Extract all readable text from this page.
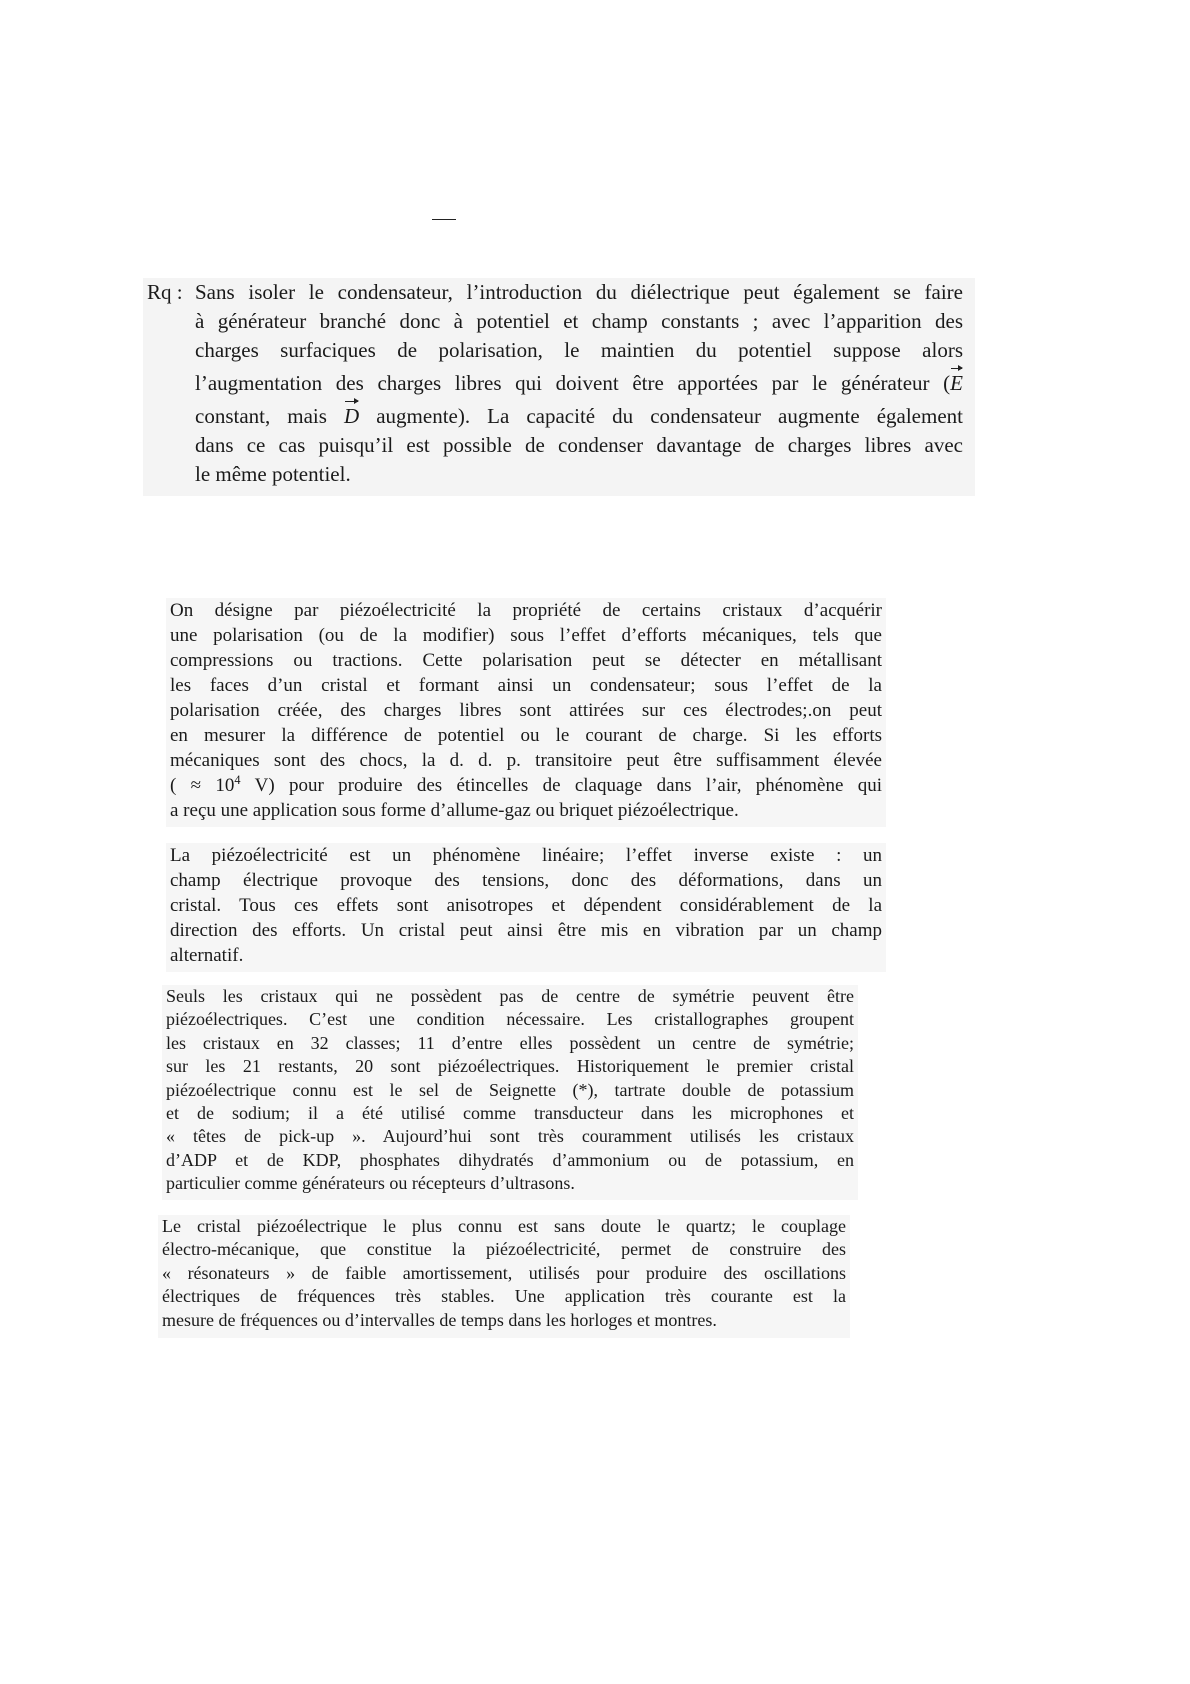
Rq : Sans isoler le condensateur, l’introduction du diélectrique peut également se faire
à générateur branché donc à potentiel et champ constants ; avec l’apparition des
charges surfaciques de polarisation, le maintien du potentiel suppose alors
l’augmentation des charges libres qui doivent être apportées par le générateur (E
constant, mais D augmente). La capacité du condensateur augmente également
dans ce cas puisqu’il est possible de condenser davantage de charges libres avec
le même potentiel.
On désigne par piézoélectricité la propriété de certains cristaux d’acquérir
une polarisation (ou de la modifier) sous l’effet d’efforts mécaniques, tels que
compressions ou tractions. Cette polarisation peut se détecter en métallisant
les faces d’un cristal et formant ainsi un condensateur; sous l’effet de la
polarisation créée, des charges libres sont attirées sur ces électrodes;.on peut
en mesurer la différence de potentiel ou le courant de charge. Si les efforts
mécaniques sont des chocs, la d. d. p. transitoire peut être suffisamment élevée
( ≈ $10^4$ V) pour produire des étincelles de claquage dans l’air, phénomène qui
a reçu une application sous forme d’allume-gaz ou briquet piézoélectrique.
La piézoélectricité est un phénomène linéaire; l’effet inverse existe : un
champ électrique provoque des tensions, donc des déformations, dans un
cristal. Tous ces effets sont anisotropes et dépendent considérablement de la
direction des efforts. Un cristal peut ainsi être mis en vibration par un champ
alternatif.
Seuls les cristaux qui ne possèdent pas de centre de symétrie peuvent être
piézoélectriques. C’est une condition nécessaire. Les cristallographes groupent
les cristaux en 32 classes; 11 d’entre elles possèdent un centre de symétrie;
sur les 21 restants, 20 sont piézoélectriques. Historiquement le premier cristal
piézoélectrique connu est le sel de Seignette (*), tartrate double de potassium
et de sodium; il a été utilisé comme transducteur dans les microphones et
« têtes de pick-up ». Aujourd’hui sont très couramment utilisés les cristaux
d’ADP et de KDP, phosphates dihydratés d’ammonium ou de potassium, en
particulier comme générateurs ou récepteurs d’ultrasons.
Le cristal piézoélectrique le plus connu est sans doute le quartz; le couplage
électro-mécanique, que constitue la piézoélectricité, permet de construire des
« résonateurs » de faible amortissement, utilisés pour produire des oscillations
électriques de fréquences très stables. Une application très courante est la
mesure de fréquences ou d’intervalles de temps dans les horloges et montres.
